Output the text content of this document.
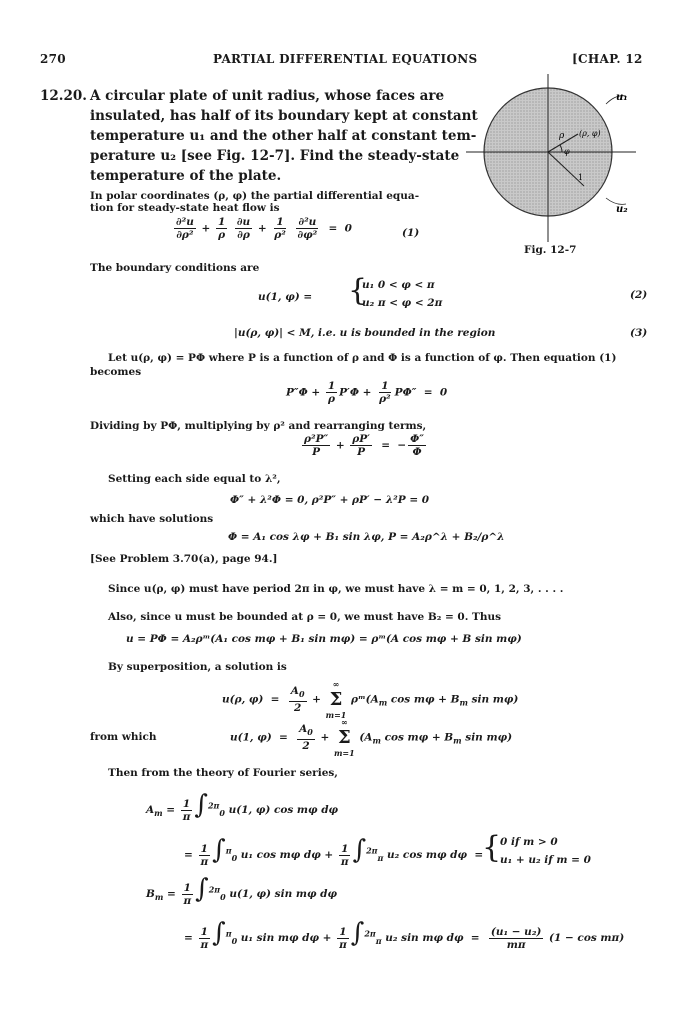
270	PARTIAL DIFFERENTIAL EQUATIONS	[CHAP. 12
12.20. A circular plate of unit radius, whose faces are
insulated, has half of its boundary kept at constant
temperature u₁ and the other half at constant tem-
perature u₂ [see Fig. 12-7]. Find the steady-state
temperature of the plate.
u₁
u₂
ρ
φ
(ρ, φ)
1
Fig. 12-7
In polar coordinates (ρ, φ) the partial differential equa-
tion for steady-state heat flow is
$\frac{\text{∂²u}}{\text{∂ρ²}} + \frac{1}{\rho}$
$\frac{\partial u}{\partial\rho} + \frac{1}{\text{ρ²}}$
$\frac{\text{∂²u}}{\text{∂φ²}} = 0$	(1)
The boundary conditions are
u(1, φ) = {
u₁ 0 < φ < π
u₂ π < φ < 2π
(2)
|u(ρ, φ)| < M, i.e. u is bounded in the region	(3)
Let u(ρ, φ) = PΦ where P is a function of ρ and Φ is a function of φ. Then equation (1)
becomes
$P''\Phi + \frac{1}{\rho} P'\Phi + \frac{1}{\text{ρ²}} P\Phi'' = 0$
Dividing by PΦ, multiplying by ρ² and rearranging terms,
$\frac{\text{ρ²P″}}{P} + \frac{\rho P'}{P}$ =  − $\frac{\Phi''}{\Phi}$
Setting each side equal to λ²,
Φ″ + λ²Φ = 0, ρ²P″ + ρP′ − λ²P = 0
which have solutions
Φ = A₁ cos λφ + B₁ sin λφ, P = A₂ρ^λ + B₂/ρ^λ
[See Problem 3.70(a), page 94.]
Since u(ρ, φ) must have period 2π in φ, we must have λ = m = 0, 1, 2, 3, . . . .
Also, since u must be bounded at ρ = 0, we must have B₂ = 0. Thus
u = PΦ = A₂ρᵐ(A₁ cos mφ + B₁ sin mφ) = ρᵐ(A cos mφ + B sin mφ)
By superposition, a solution is
u(ρ, $\varphi) = \frac{A_0}{2}$ +
∞
Σ
m=1
$\rho ᵐ(A_m$ $\cos m\varphi + B_m$ sin mφ)
from which	u(1, $\varphi) = \frac{A_0}{2}$ +
∞
Σ
m=1
($A_m$ $\cos m\varphi + B_m$ sin mφ)
Then from the theory of Fourier series,
$A_m = \frac{1}{\pi} \int^{2\pi}_0$ u(1, φ) cos mφ dφ
= $\frac{1}{\pi} \int^\pi_0$ u₁ cos mφ $d\varphi + \frac{1}{\pi} \int^{2\pi}_\pi$ u₂ cos mφ dφ  =
{
0 if m > 0
u₁ + u₂ if m = 0
$B_m = \frac{1}{\pi} \int^{2\pi}_0$ u(1, φ) sin mφ dφ
= $\frac{1}{\pi} \int^\pi_0$ u₁ sin mφ $d\varphi + \frac{1}{\pi} \int^{2\pi}_\pi$ u₂ sin mφ $d\varphi = \frac{\text{(u₁ − u₂)}}{m\pi} (1 - \cos m\pi)$
